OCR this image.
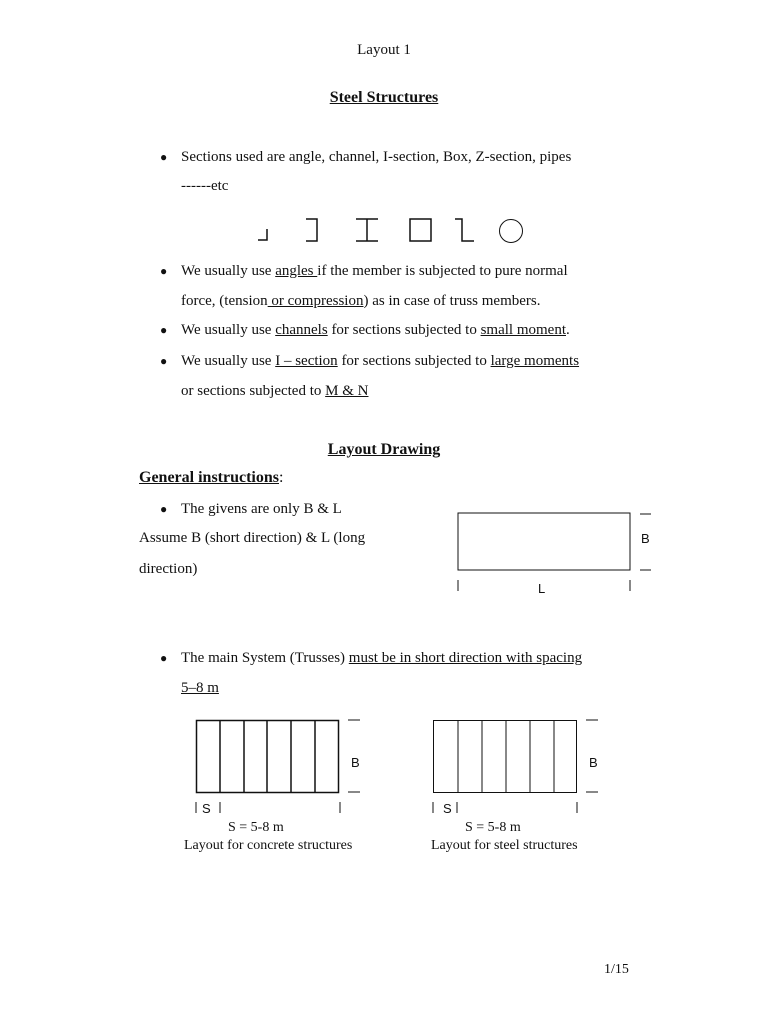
Layout 1
Steel Structures
● Sections used are angle, channel, I-section, Box, Z-section, pipes
------etc
● We usually use angles if the member is subjected to pure normal
force, (tension or compression) as in case of truss members.
● We usually use channels for sections subjected to small moment.
● We usually use I – section for sections subjected to large moments
or sections subjected to M & N
Layout Drawing
General instructions:
● The givens are only B & L
Assume B (short direction) & L (long
direction)
B
L
● The main System (Trusses) must be in short direction with spacing
5–8 m
B
S
S = 5-8 m
Layout for concrete structures
B
S
S = 5-8 m
Layout for steel structures
1/15
